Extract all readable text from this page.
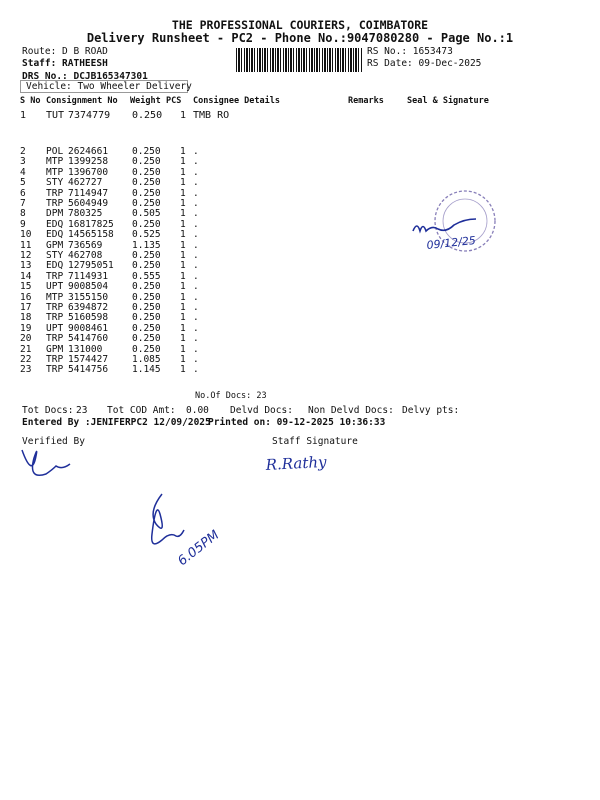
THE PROFESSIONAL COURIERS, COIMBATORE
Delivery Runsheet - PC2 - Phone No.:9047080280 - Page No.:1
Route: D B ROAD
Staff: RATHEESH
DRS No.: DCJB165347301
Vehicle: Two Wheeler Delivery
RS No.: 1653473
RS Date: 09-Dec-2025
S No Consignment No Weight PCS Consignee Details	Remarks	Seal & Signature
1 TUT 7374779 0.250 1 TMB RO
2 POL 2624661	0.250 1 .
3 MTP 1399258	0.250 1 .
4 MTP 1396700	0.250 1 .
5 STY 462727	0.250 1 .
6 TRP 7114947	0.250 1 .
7 TRP 5604949	0.250 1 .
8 DPM 780325	0.505 1 .
9 EDQ 16817825 0.250 1 .
10 EDQ 14565158 0.525 1 .
11 GPM 736569	1.135 1 .
12 STY 462708	0.250 1 .
13 EDQ 12795051 0.250 1 .
14 TRP 7114931	0.555 1 .
15 UPT 9008504	0.250 1 .
16 MTP 3155150	0.250 1 .
17 TRP 6394872	0.250 1 .
18 TRP 5160598	0.250 1 .
19 UPT 9008461	0.250 1 .
20 TRP 5414760	0.250 1 .
21 GPM 131000	0.250 1 .
22 TRP 1574427	1.085 1 .
23 TRP 5414756	1.145 1 .
No.Of Docs: 23
Tot Docs: 23 Tot COD Amt: 0.00 Delvd Docs: Non Delvd Docs: Delvy pts:
Entered By :JENIFERPC2 12/09/2025
Printed on: 09-12-2025 10:36:33
Verified By	Staff Signature
09/12/25
R.Rathy
6.05PM
